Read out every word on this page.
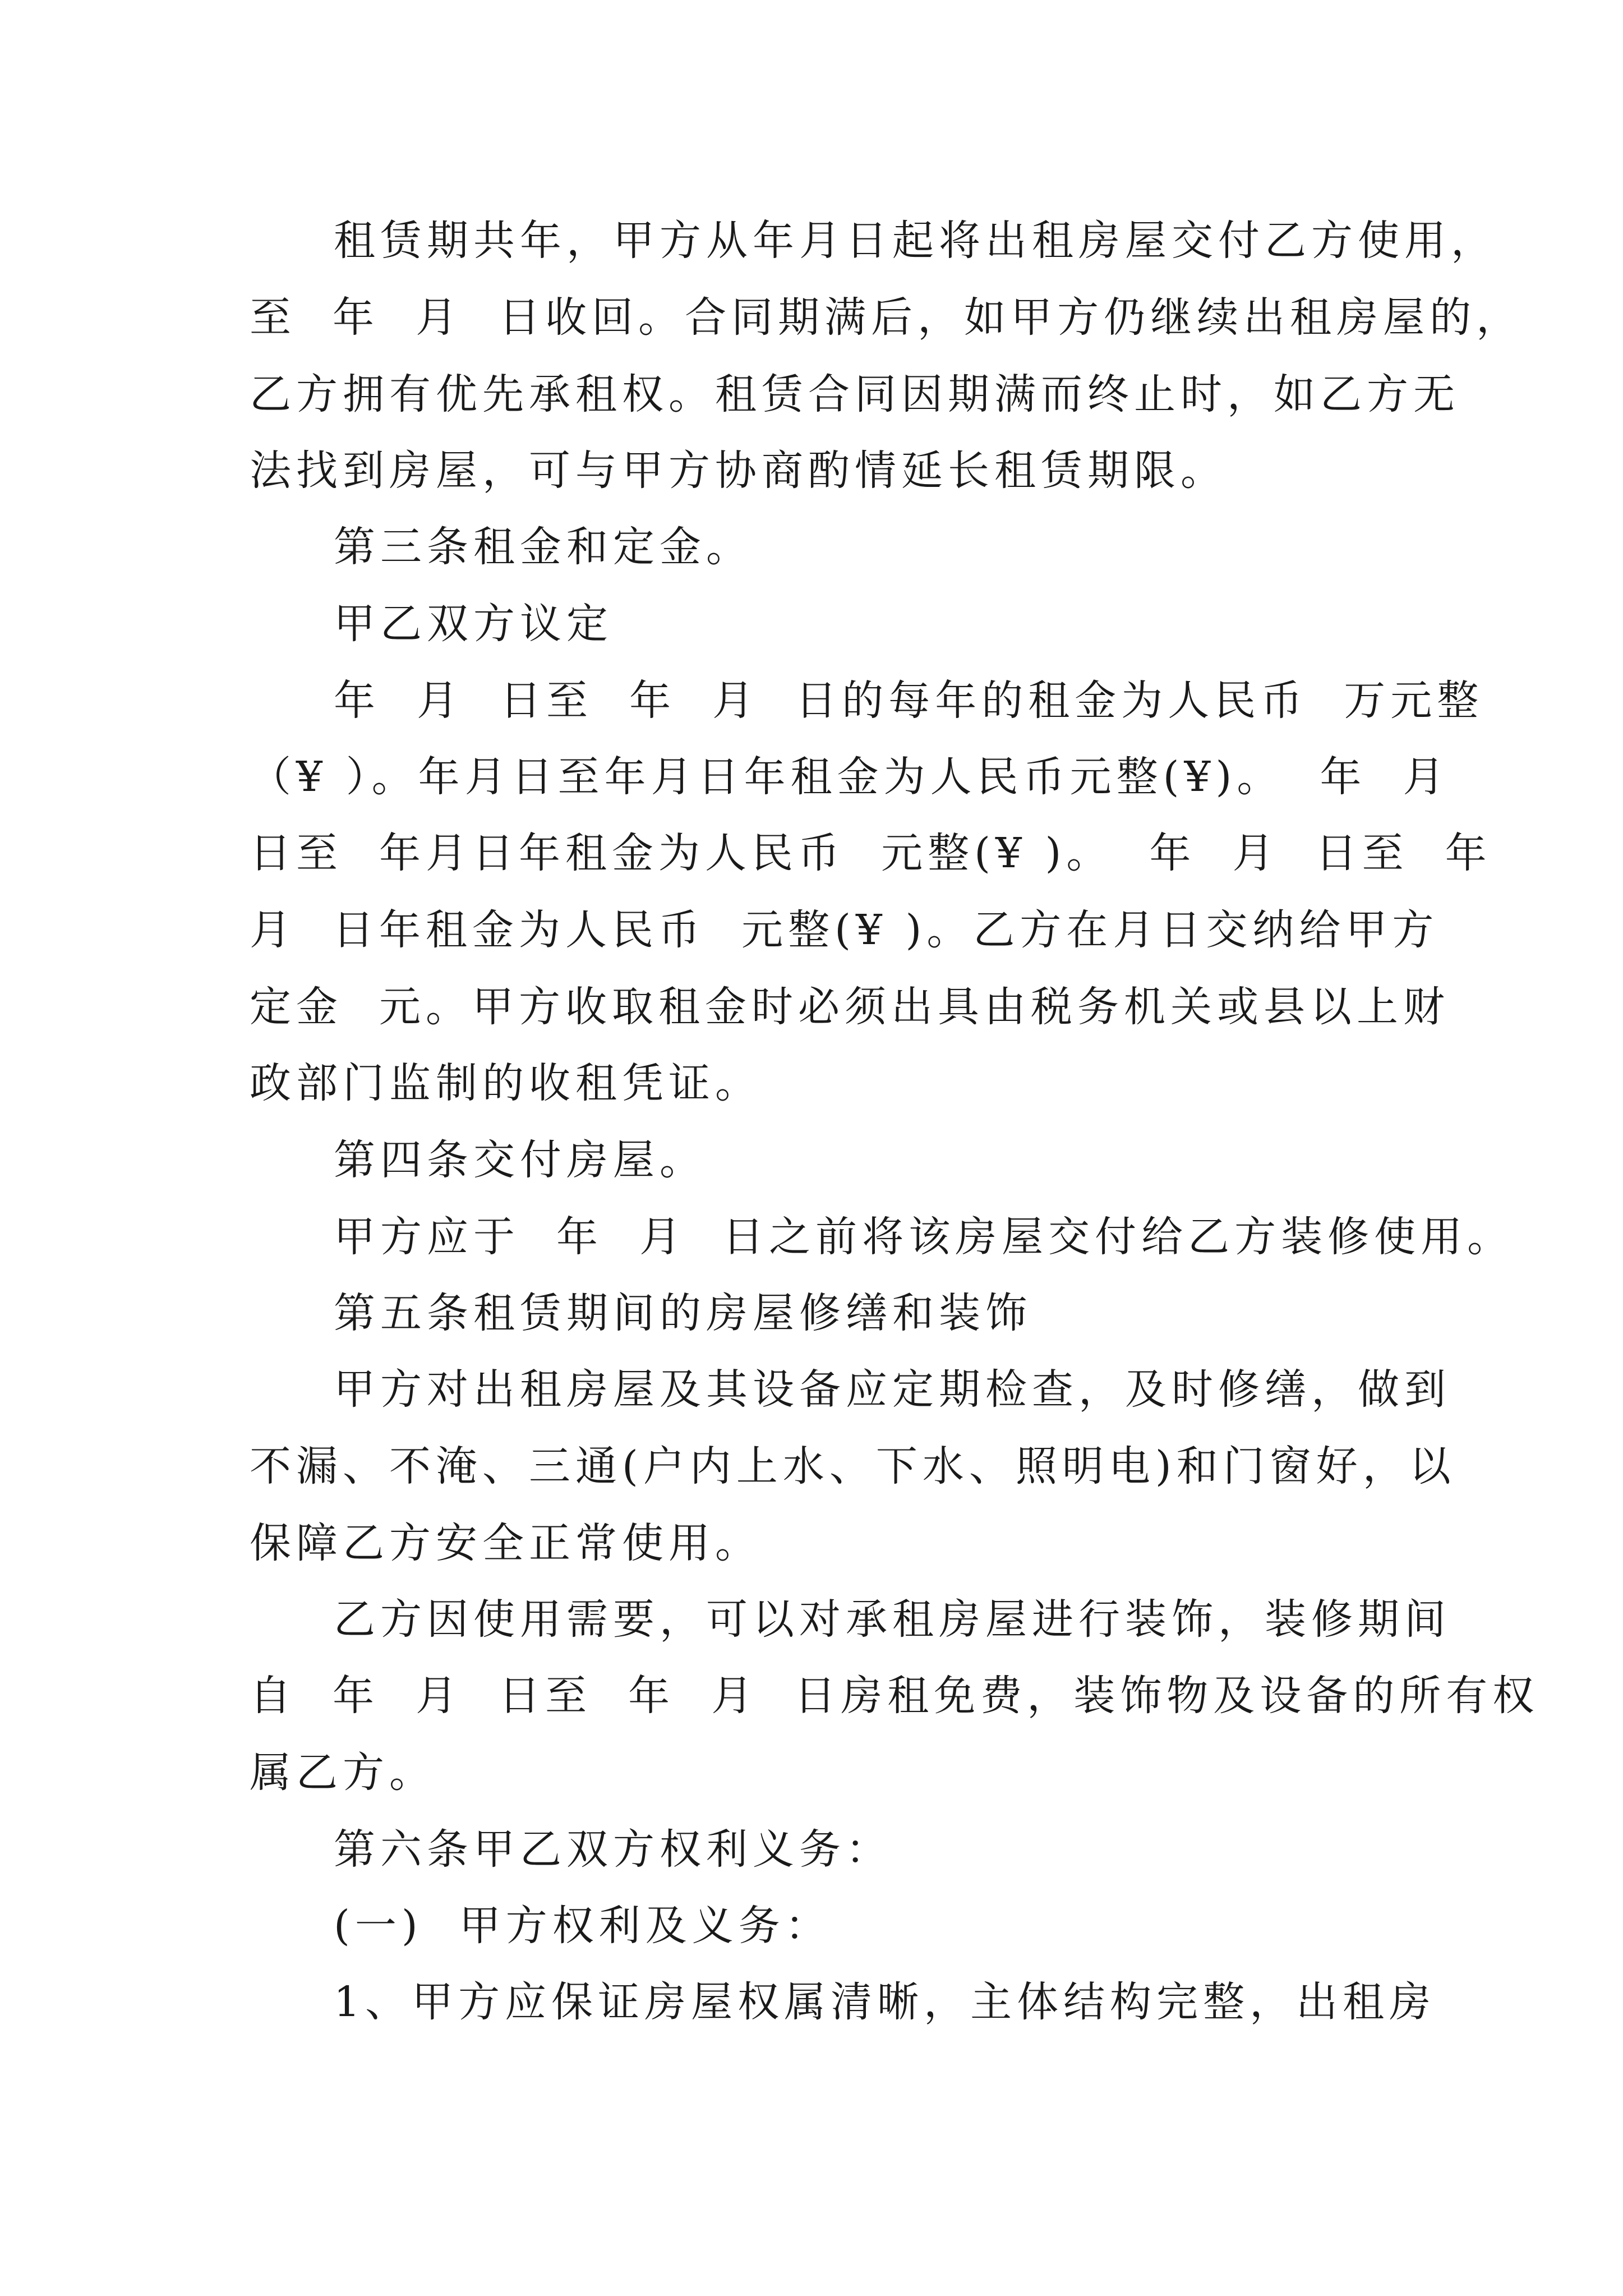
租赁期共年，甲方从年月日起将出租房屋交付乙方使用，
至  年  月  日收回。合同期满后，如甲方仍继续出租房屋的，
乙方拥有优先承租权。租赁合同因期满而终止时，如乙方无
法找到房屋，可与甲方协商酌情延长租赁期限。
第三条租金和定金。
甲乙双方议定
年  月  日至  年  月  日的每年的租金为人民币  万元整
（¥ ）。年月日至年月日年租金为人民币元整(¥)。  年  月
日至  年月日年租金为人民币  元整(¥ )。  年  月  日至  年
月  日年租金为人民币  元整(¥ )。乙方在月日交纳给甲方
定金  元。甲方收取租金时必须出具由税务机关或县以上财
政部门监制的收租凭证。
第四条交付房屋。
甲方应于  年  月  日之前将该房屋交付给乙方装修使用。
第五条租赁期间的房屋修缮和装饰
甲方对出租房屋及其设备应定期检查，及时修缮，做到
不漏、不淹、三通(户内上水、下水、照明电)和门窗好，以
保障乙方安全正常使用。
乙方因使用需要，可以对承租房屋进行装饰，装修期间
自  年  月  日至  年  月  日房租免费，装饰物及设备的所有权
属乙方。
第六条甲乙双方权利义务：
(一)  甲方权利及义务：
1、甲方应保证房屋权属清晰，主体结构完整，出租房
